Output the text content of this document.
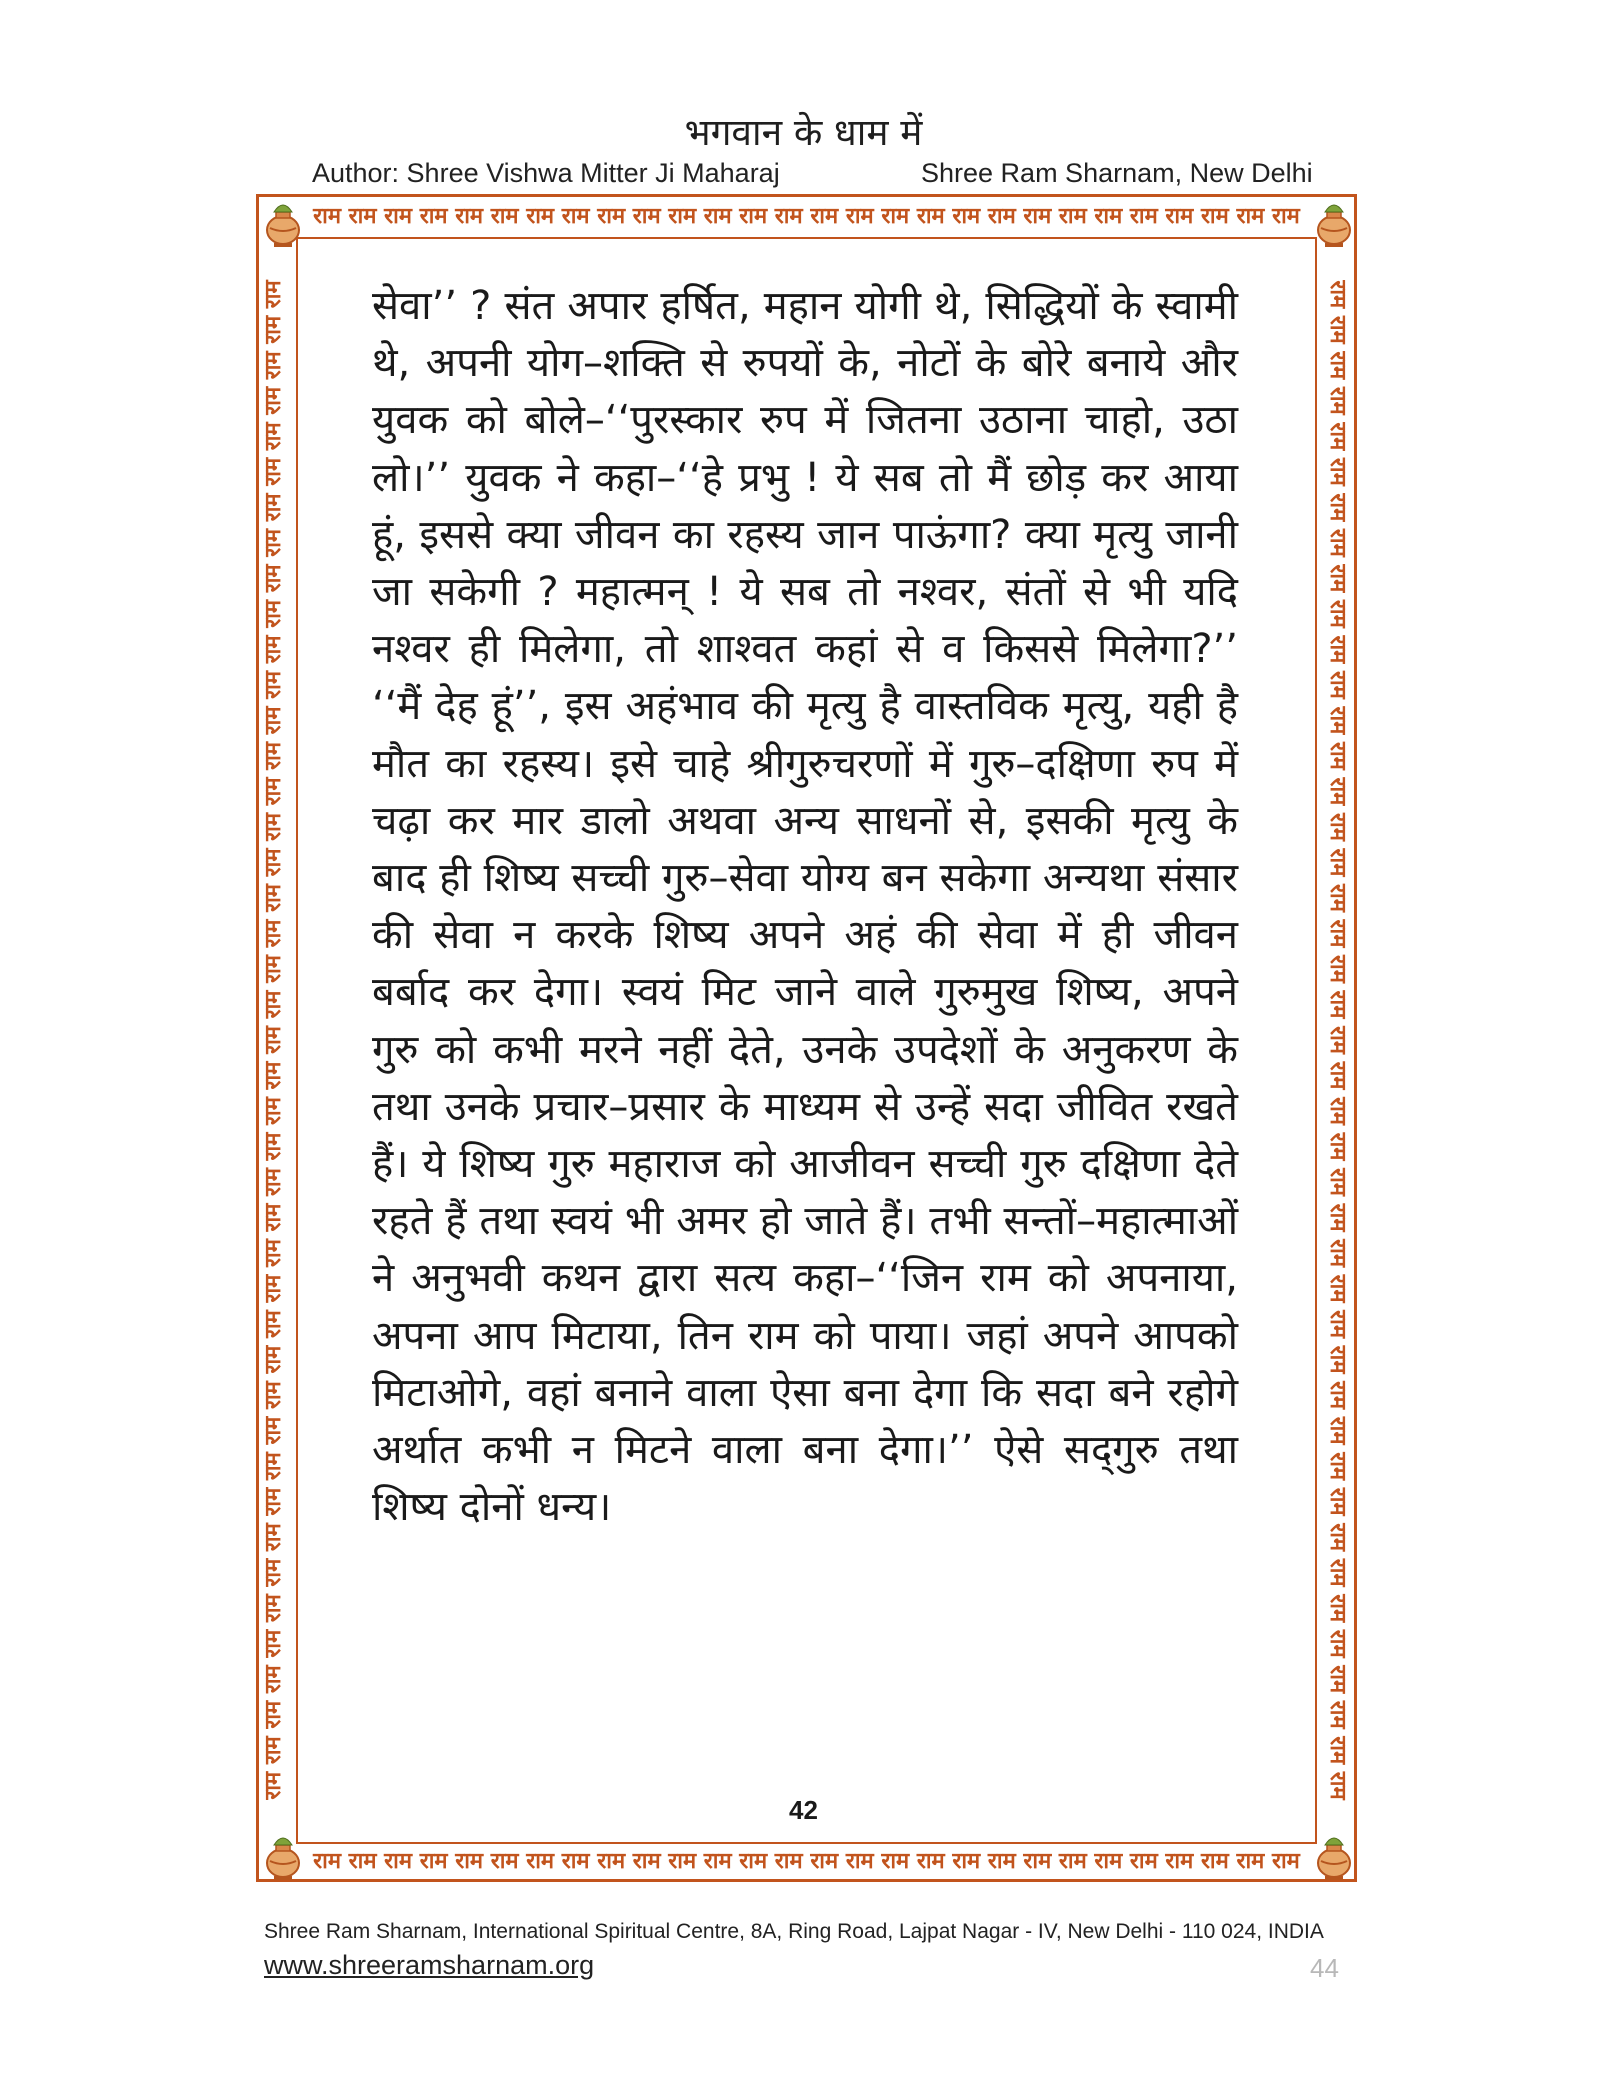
भगवान के धाम में
Author: Shree Vishwa Mitter Ji Maharaj	Shree Ram Sharnam, New Delhi
राम राम राम राम राम राम राम राम राम राम राम राम राम राम राम राम राम राम राम राम राम राम राम राम राम राम राम राम
राम राम राम राम राम राम राम राम राम राम राम राम राम राम राम राम राम राम राम राम राम राम राम राम राम राम राम राम
राम राम राम राम राम राम राम राम राम राम राम राम राम राम राम राम राम राम राम राम राम राम राम राम राम राम राम राम राम राम राम राम राम राम राम राम राम राम राम राम राम राम राम	राम राम राम राम राम राम राम राम राम राम राम राम राम राम राम राम राम राम राम राम राम राम राम राम राम राम राम राम राम राम राम राम राम राम राम राम राम राम राम राम राम राम राम
सेवा’’ ? संत अपार हर्षित, महान योगी थे, सिद्धियों के स्वामी थे, अपनी योग–शक्ति से रुपयों के, नोटों के बोरे बनाये और युवक को बोले–‘‘पुरस्कार रुप में जितना उठाना चाहो, उठा लो।’’ युवक ने कहा–‘‘हे प्रभु ! ये सब तो मैं छोड़ कर आया हूं, इससे क्या जीवन का रहस्य जान पाऊंगा? क्या मृत्यु जानी जा सकेगी ? महात्मन् ! ये सब तो नश्वर, संतों से भी यदि नश्वर ही मिलेगा, तो शाश्वत कहां से व किससे मिलेगा?’’ ‘‘मैं देह हूं’’, इस अहंभाव की मृत्यु है वास्तविक मृत्यु, यही है मौत का रहस्य। इसे चाहे श्रीगुरुचरणों में गुरु–दक्षिणा रुप में चढ़ा कर मार डालो अथवा अन्य साधनों से, इसकी मृत्यु के बाद ही शिष्य सच्ची गुरु–सेवा योग्य बन सकेगा अन्यथा संसार की सेवा न करके शिष्य अपने अहं की सेवा में ही जीवन बर्बाद कर देगा। स्वयं मिट जाने वाले गुरुमुख शिष्य, अपने गुरु को कभी मरने नहीं देते, उनके उपदेशों के अनुकरण के तथा उनके प्रचार–प्रसार के माध्यम से उन्हें सदा जीवित रखते हैं। ये शिष्य गुरु महाराज को आजीवन सच्ची गुरु दक्षिणा देते रहते हैं तथा स्वयं भी अमर हो जाते हैं। तभी सन्तों–महात्माओं ने अनुभवी कथन द्वारा सत्य कहा–‘‘जिन राम को अपनाया, अपना आप मिटाया, तिन राम को पाया। जहां अपने आपको मिटाओगे, वहां बनाने वाला ऐसा बना देगा कि सदा बने रहोगे अर्थात कभी न मिटने वाला बना देगा।’’ ऐसे सद्‌गुरु तथा शिष्य दोनों धन्य।
42
Shree Ram Sharnam, International Spiritual Centre, 8A, Ring Road, Lajpat Nagar - IV, New Delhi - 110 024, INDIA
www.shreeramsharnam.org	44
